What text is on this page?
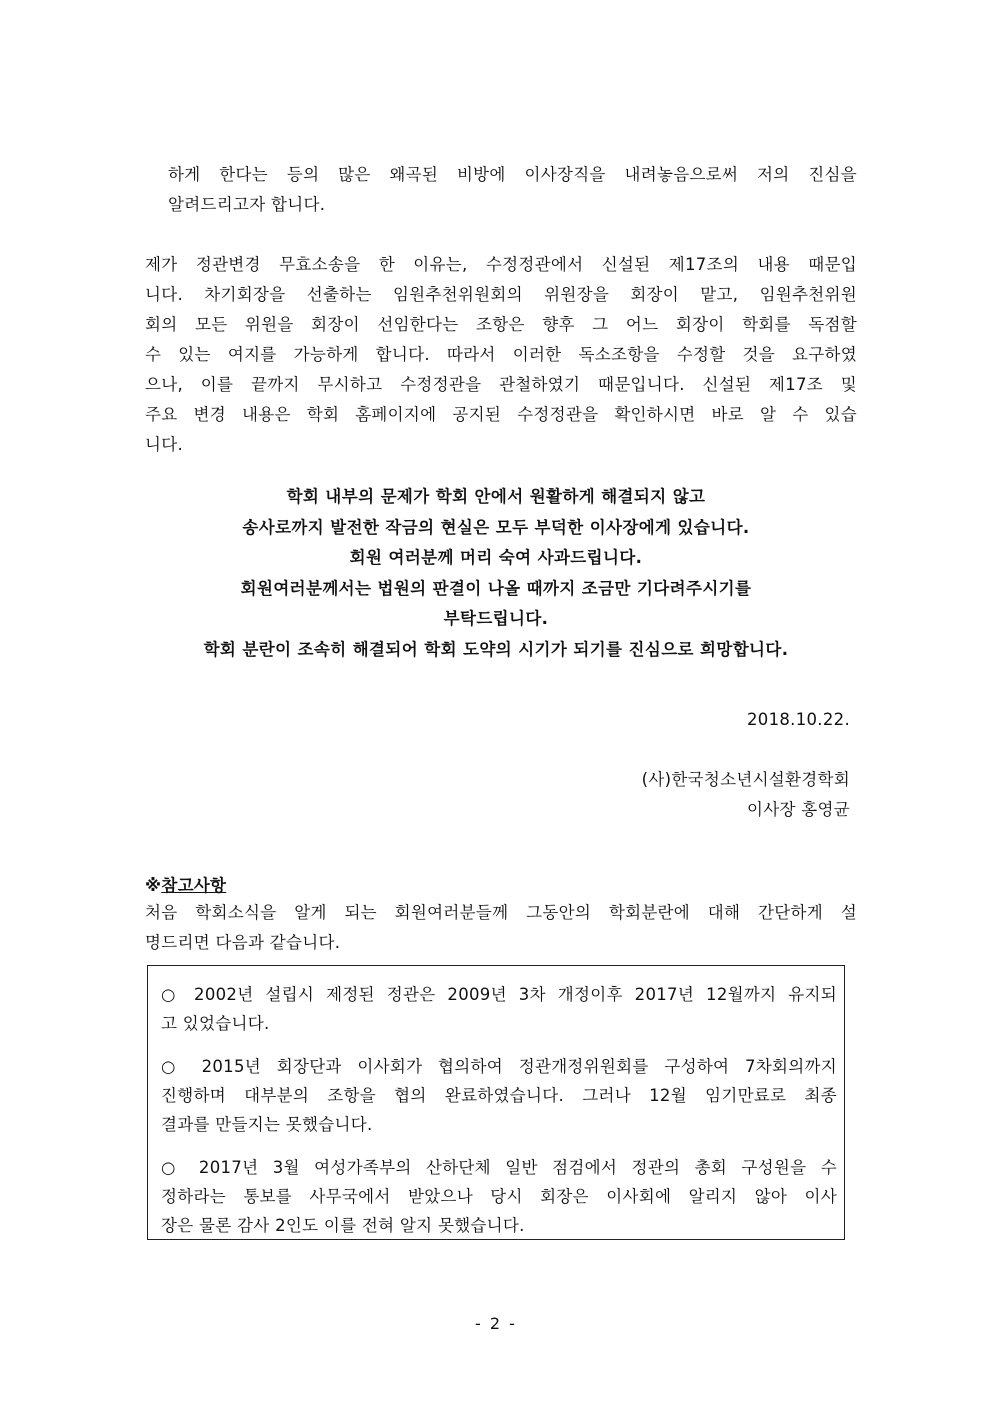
하게 한다는 등의 많은 왜곡된 비방에 이사장직을 내려놓음으로써 저의 진심을
알려드리고자 합니다.
제가 정관변경 무효소송을 한 이유는, 수정정관에서 신설된 제17조의 내용 때문입
니다. 차기회장을 선출하는 임원추천위원회의 위원장을 회장이 맡고, 임원추천위원
회의 모든 위원을 회장이 선임한다는 조항은 향후 그 어느 회장이 학회를 독점할
수 있는 여지를 가능하게 합니다. 따라서 이러한 독소조항을 수정할 것을 요구하였
으나, 이를 끝까지 무시하고 수정정관을 관철하였기 때문입니다. 신설된 제17조 및
주요 변경 내용은 학회 홈페이지에 공지된 수정정관을 확인하시면 바로 알 수 있습
니다.
학회 내부의 문제가 학회 안에서 원활하게 해결되지 않고
송사로까지 발전한 작금의 현실은 모두 부덕한 이사장에게 있습니다.
회원 여러분께 머리 숙여 사과드립니다.
회원여러분께서는 법원의 판결이 나올 때까지 조금만 기다려주시기를
부탁드립니다.
학회 분란이 조속히 해결되어 학회 도약의 시기가 되기를 진심으로 희망합니다.
2018.10.22.
(사)한국청소년시설환경학회
이사장 홍영균
※참고사항
처음 학회소식을 알게 되는 회원여러분들께 그동안의 학회분란에 대해 간단하게 설
명드리면 다음과 같습니다.
○ 2002년 설립시 제정된 정관은 2009년 3차 개정이후 2017년 12월까지 유지되
고 있었습니다.
○ 2015년 회장단과 이사회가 협의하여 정관개정위원회를 구성하여 7차회의까지
진행하며 대부분의 조항을 협의 완료하였습니다. 그러나 12월 임기만료로 최종
결과를 만들지는 못했습니다.
○ 2017년 3월 여성가족부의 산하단체 일반 점검에서 정관의 총회 구성원을 수
정하라는 통보를 사무국에서 받았으나 당시 회장은 이사회에 알리지 않아 이사
장은 물론 감사 2인도 이를 전혀 알지 못했습니다.
- 2 -
